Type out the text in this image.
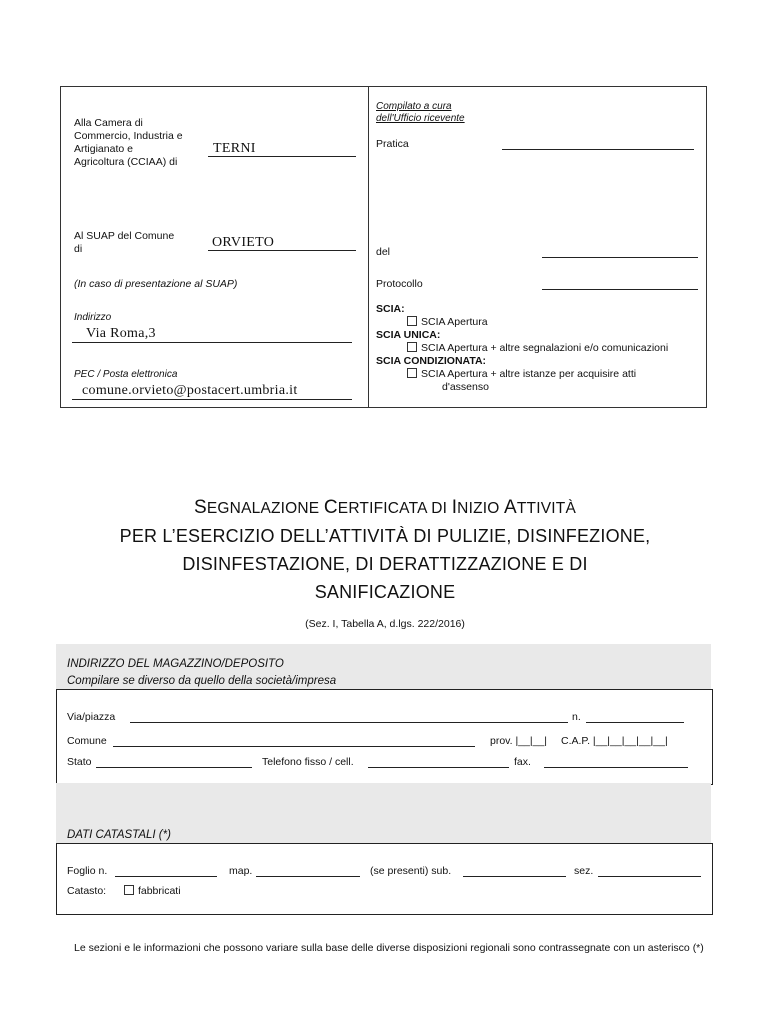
Alla Camera di
Commercio, Industria e
Artigianato e
Agricoltura (CCIAA) di
TERNI
Al SUAP del Comune
di	ORVIETO
(In caso di presentazione al SUAP)
Indirizzo
Via Roma,3
PEC / Posta elettronica
comune.orvieto@postacert.umbria.it
Compilato a cura
dell'Ufficio ricevente
Pratica
del
Protocollo
SCIA:
SCIA Apertura
SCIA UNICA:
SCIA Apertura + altre segnalazioni e/o comunicazioni
SCIA CONDIZIONATA:
SCIA Apertura + altre istanze per acquisire atti
d'assenso
SEGNALAZIONE CERTIFICATA DI INIZIO ATTIVITÀ
PER L’ESERCIZIO DELL’ATTIVITÀ DI PULIZIE, DISINFEZIONE,
DISINFESTAZIONE, DI DERATTIZZAZIONE E DI
SANIFICAZIONE
(Sez. I, Tabella A, d.lgs. 222/2016)
INDIRIZZO DEL MAGAZZINO/DEPOSITO
Compilare se diverso da quello della società/impresa
Via/piazza	n.
Comune	prov. |__|__| C.A.P. |__|__|__|__|__|
Stato	Telefono fisso / cell.	fax.
DATI CATASTALI (*)
Foglio n.	map.	(se presenti) sub.	sez.
Catasto:	fabbricati
Le sezioni e le informazioni che possono variare sulla base delle diverse disposizioni regionali sono contrassegnate con un asterisco (*)
